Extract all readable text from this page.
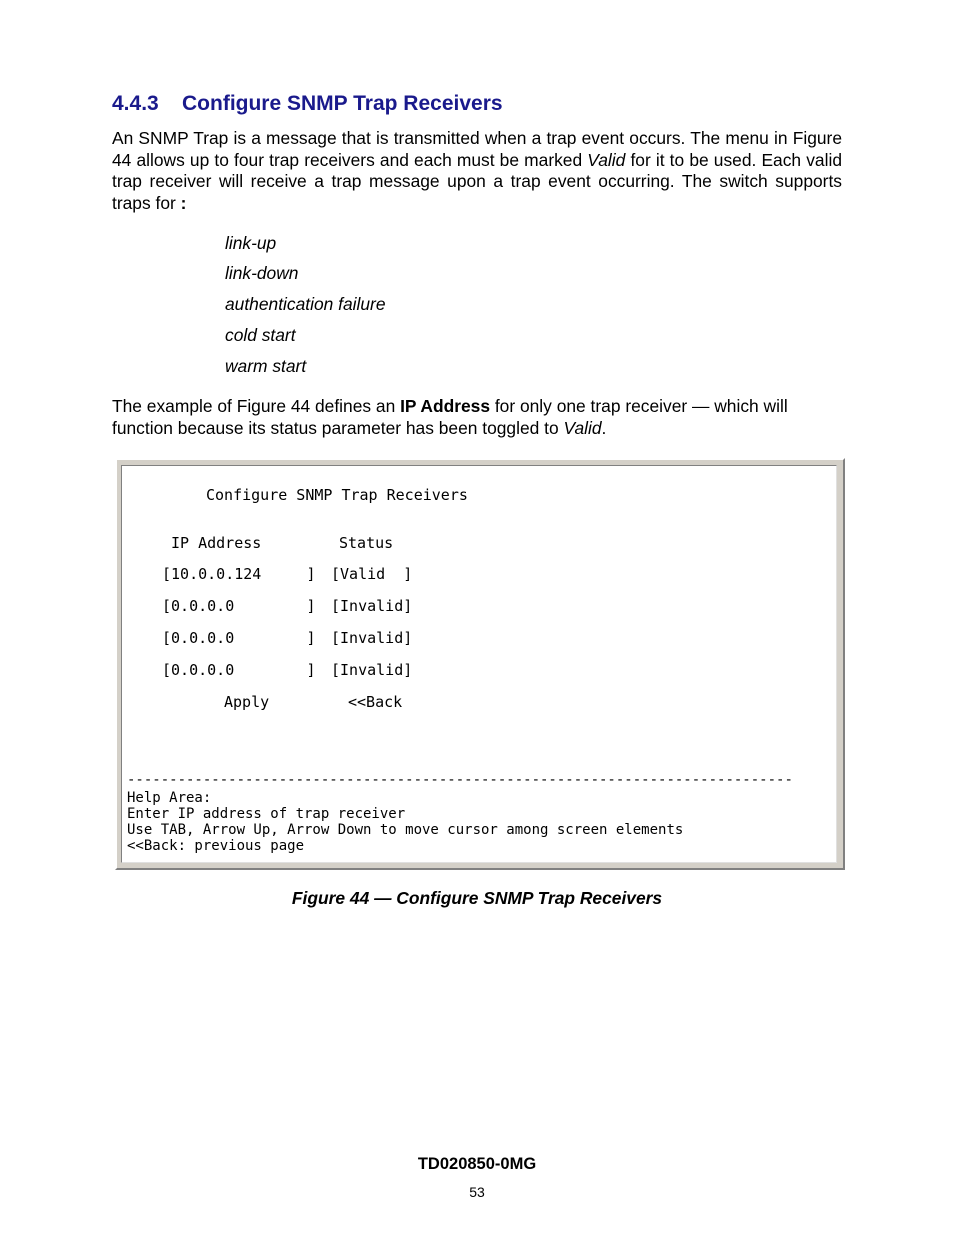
4.4.3 Configure SNMP Trap Receivers

An SNMP Trap is a message that is transmitted when a trap event occurs. The menu in Figure 44 allows up to four trap receivers and each must be marked Valid for it to be used. Each valid trap receiver will receive a trap message upon a trap event occurring. The switch supports traps for :

link-up

link-down

authentication failure

cold start

warm start

The example of Figure 44 defines an IP Address for only one trap receiver — which will function because its status parameter has been toggled to Valid.

Configure SNMP Trap Receivers
IP Address	Status
[10.0.0.124     ] [Valid  ]
[0.0.0.0        ] [Invalid]
[0.0.0.0        ] [Invalid]
[0.0.0.0        ] [Invalid]
Apply	<<Back
-------------------------------------------------------------------------------
Help Area:
Enter IP address of trap receiver
Use TAB, Arrow Up, Arrow Down to move cursor among screen elements
<<Back: previous page

Figure 44 — Configure SNMP Trap Receivers

TD020850-0MG
53
